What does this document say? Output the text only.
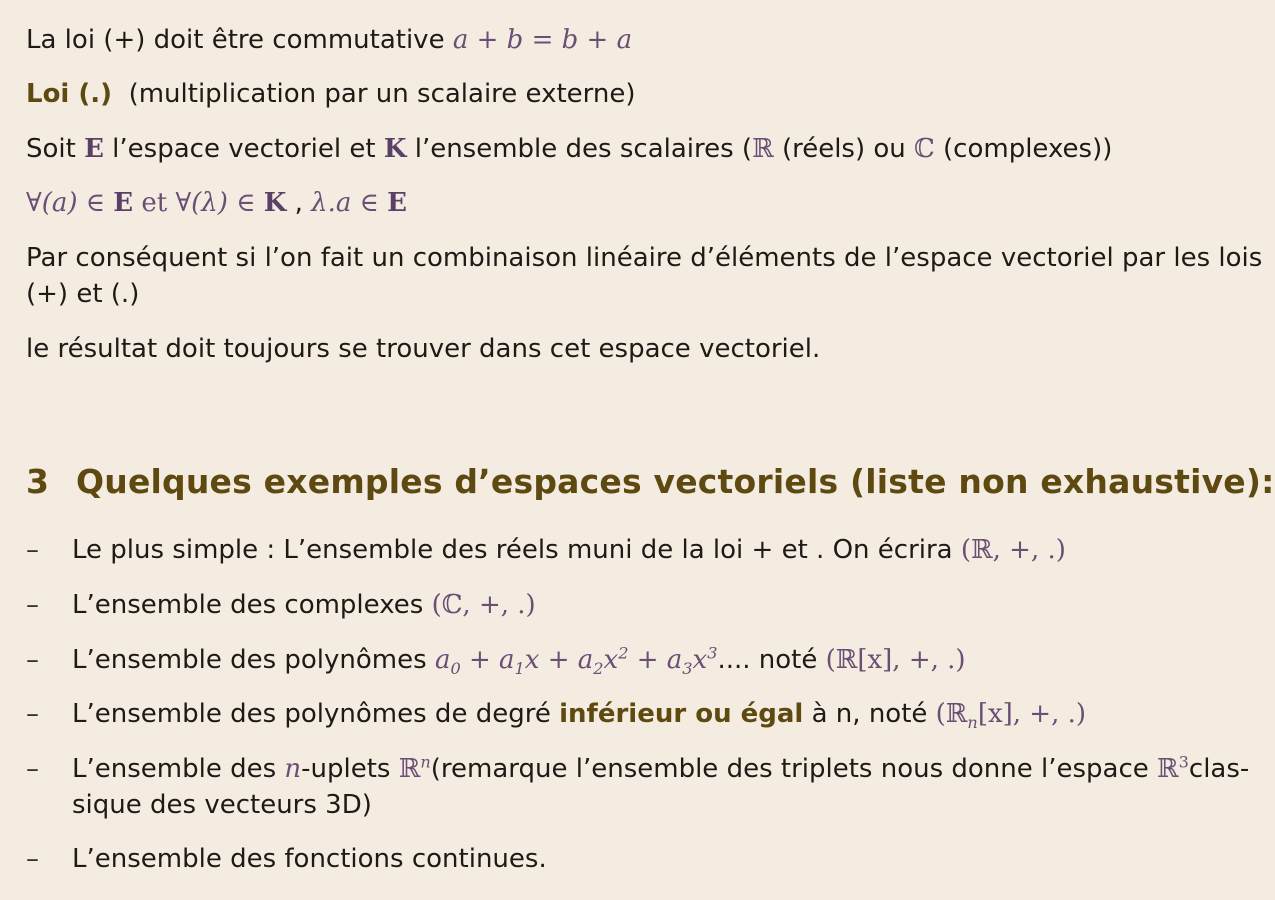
La loi (+) doit être commutative a + b = b + a
Loi (.) (multiplication par un scalaire externe)
Soit E l’espace vectoriel et K l’ensemble des scalaires (ℝ (réels) ou ℂ (complexes))
∀(a) ∈ E et ∀(λ) ∈ K , λ.a ∈ E
Par conséquent si l’on fait un combinaison linéaire d’éléments de l’espace vectoriel par les lois
(+) et (.)
le résultat doit toujours se trouver dans cet espace vectoriel.
3 Quelques exemples d’espaces vectoriels (liste non exhaustive):
– Le plus simple : L’ensemble des réels muni de la loi + et . On écrira (ℝ, +, .)
– L’ensemble des complexes (ℂ, +, .)
– L’ensemble des polynômes $a_0 + a_1x + a_2x^2 + a_3x^3$.... noté (ℝ[x], +, .)
– L’ensemble des polynômes de degré inférieur ou égal à n, noté (ℝ$_n$[x], +, .)
– L’ensemble des n-uplets ℝ$^n$(remarque l’ensemble des triplets nous donne l’espace ℝ$^3$clas-
sique des vecteurs 3D)
– L’ensemble des fonctions continues.
